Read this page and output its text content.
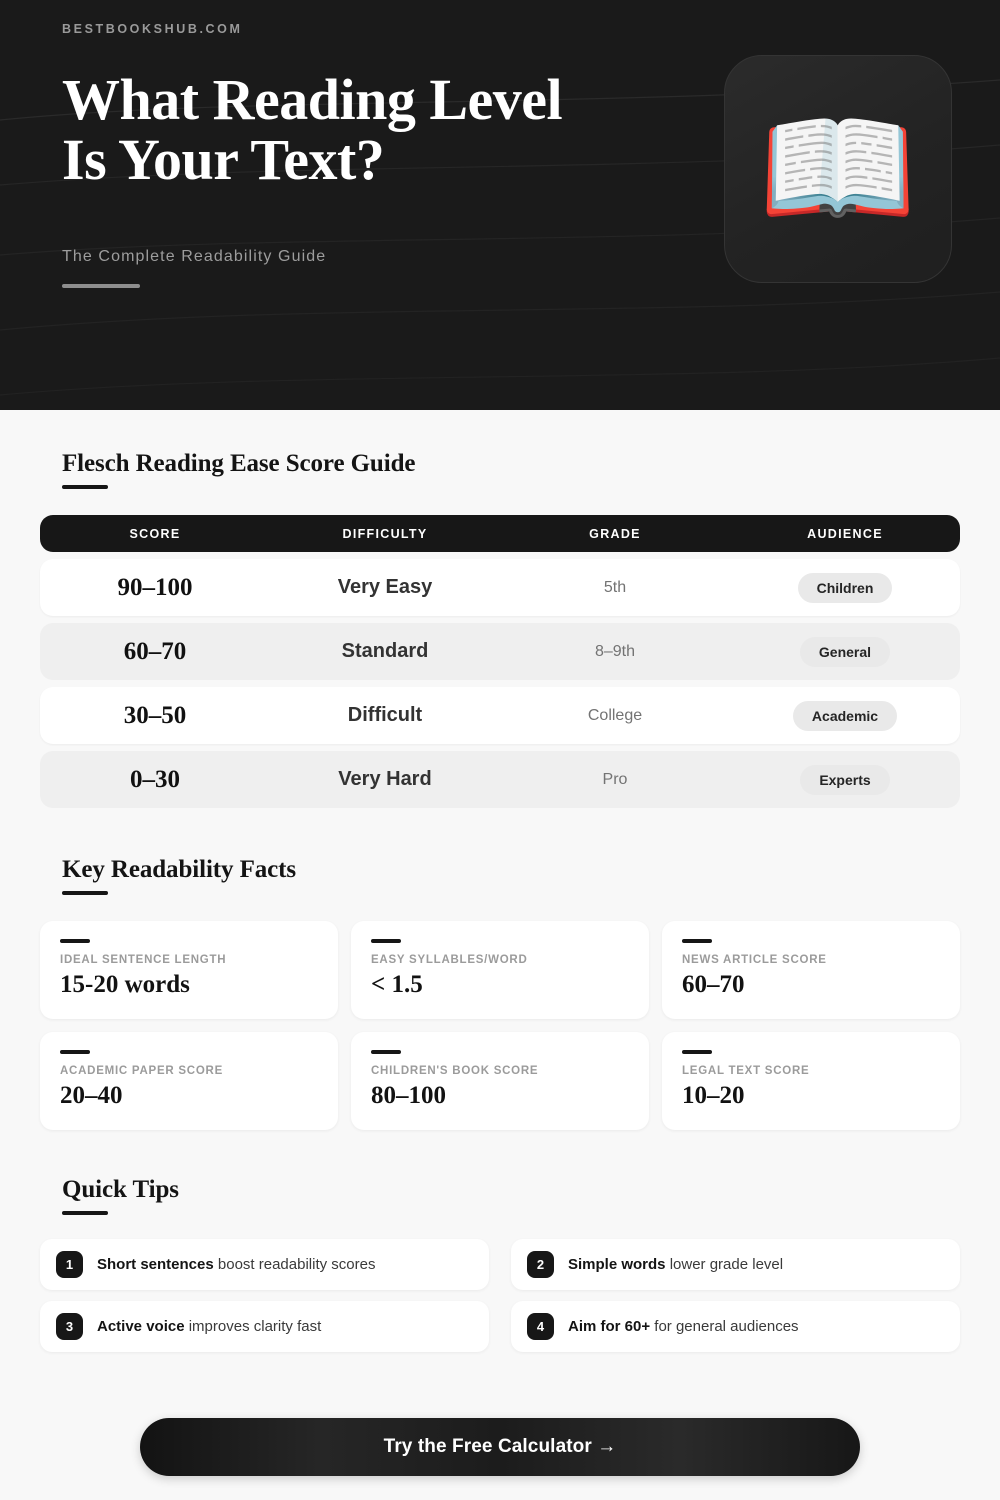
BESTBOOKSHUB.COM
What Reading Level Is Your Text?
The Complete Readability Guide
📖
Flesch Reading Ease Score Guide
SCORE	DIFFICULTY	GRADE	AUDIENCE
90–100	Very Easy	5th	Children
60–70	Standard	8–9th	General
30–50	Difficult	College	Academic
0–30	Very Hard	Pro	Experts
Key Readability Facts
IDEAL SENTENCE LENGTH
15-20 words
EASY SYLLABLES/WORD
< 1.5
NEWS ARTICLE SCORE
60–70
ACADEMIC PAPER SCORE
20–40
CHILDREN'S BOOK SCORE
80–100
LEGAL TEXT SCORE
10–20
Quick Tips
1	Short sentences boost readability scores	2	Simple words lower grade level
3	Active voice improves clarity fast	4	Aim for 60+ for general audiences
Try the Free Calculator →
